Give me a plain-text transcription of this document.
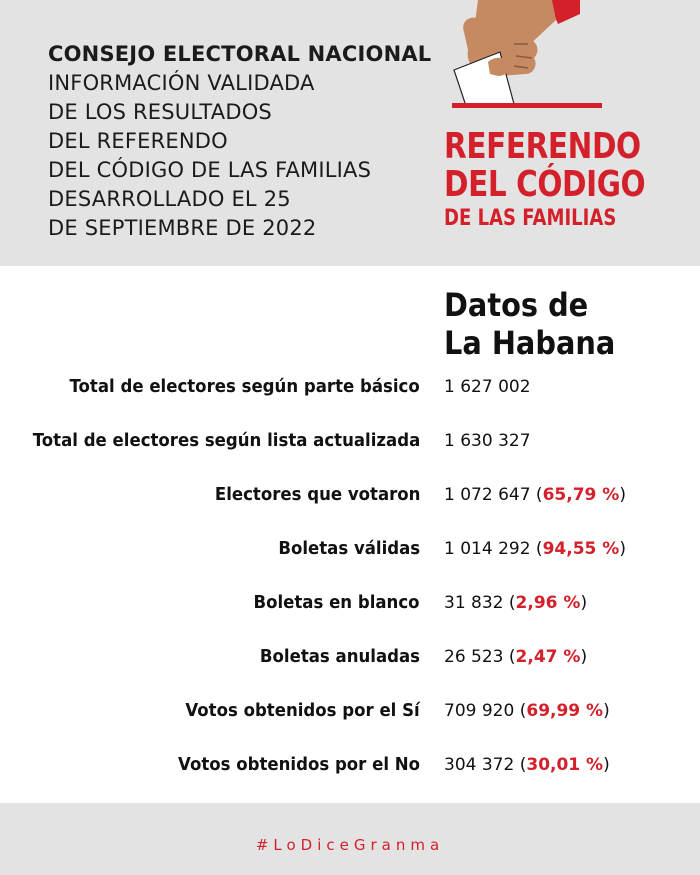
CONSEJO ELECTORAL NACIONAL
INFORMACIÓN VALIDADA
DE LOS RESULTADOS
DEL REFERENDO
DEL CÓDIGO DE LAS FAMILIAS
DESARROLLADO EL 25
DE SEPTIEMBRE DE 2022
REFERENDO
DEL CÓDIGO
DE LAS FAMILIAS
Datos de
La Habana
Total de electores según parte básico 1 627 002
Total de electores según lista actualizada 1 630 327
Electores que votaron 1 072 647 (65,79 %)
Boletas válidas 1 014 292 (94,55 %)
Boletas en blanco 31 832 (2,96 %)
Boletas anuladas 26 523 (2,47 %)
Votos obtenidos por el Sí 709 920 (69,99 %)
Votos obtenidos por el No 304 372 (30,01 %)
#LoDiceGranma
